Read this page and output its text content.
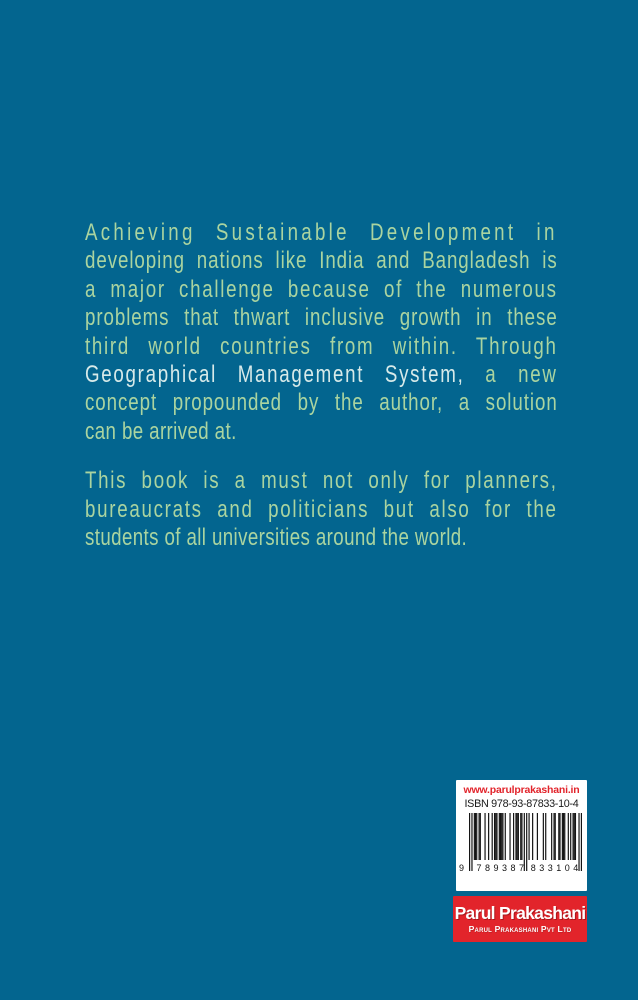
Achieving Sustainable Development in
developing nations like India and Bangladesh is
a major challenge because of the numerous
problems that thwart inclusive growth in these
third world countries from within. Through
Geographical Management System, a new
concept propounded by the author, a solution
can be arrived at.
This book is a must not only for planners,
bureaucrats and politicians but also for the
students of all universities around the world.
www.parulprakashani.in
ISBN 978-93-87833-10-4
9	789387 833104
Parul Prakashani
Parul Prakashani Pvt Ltd
